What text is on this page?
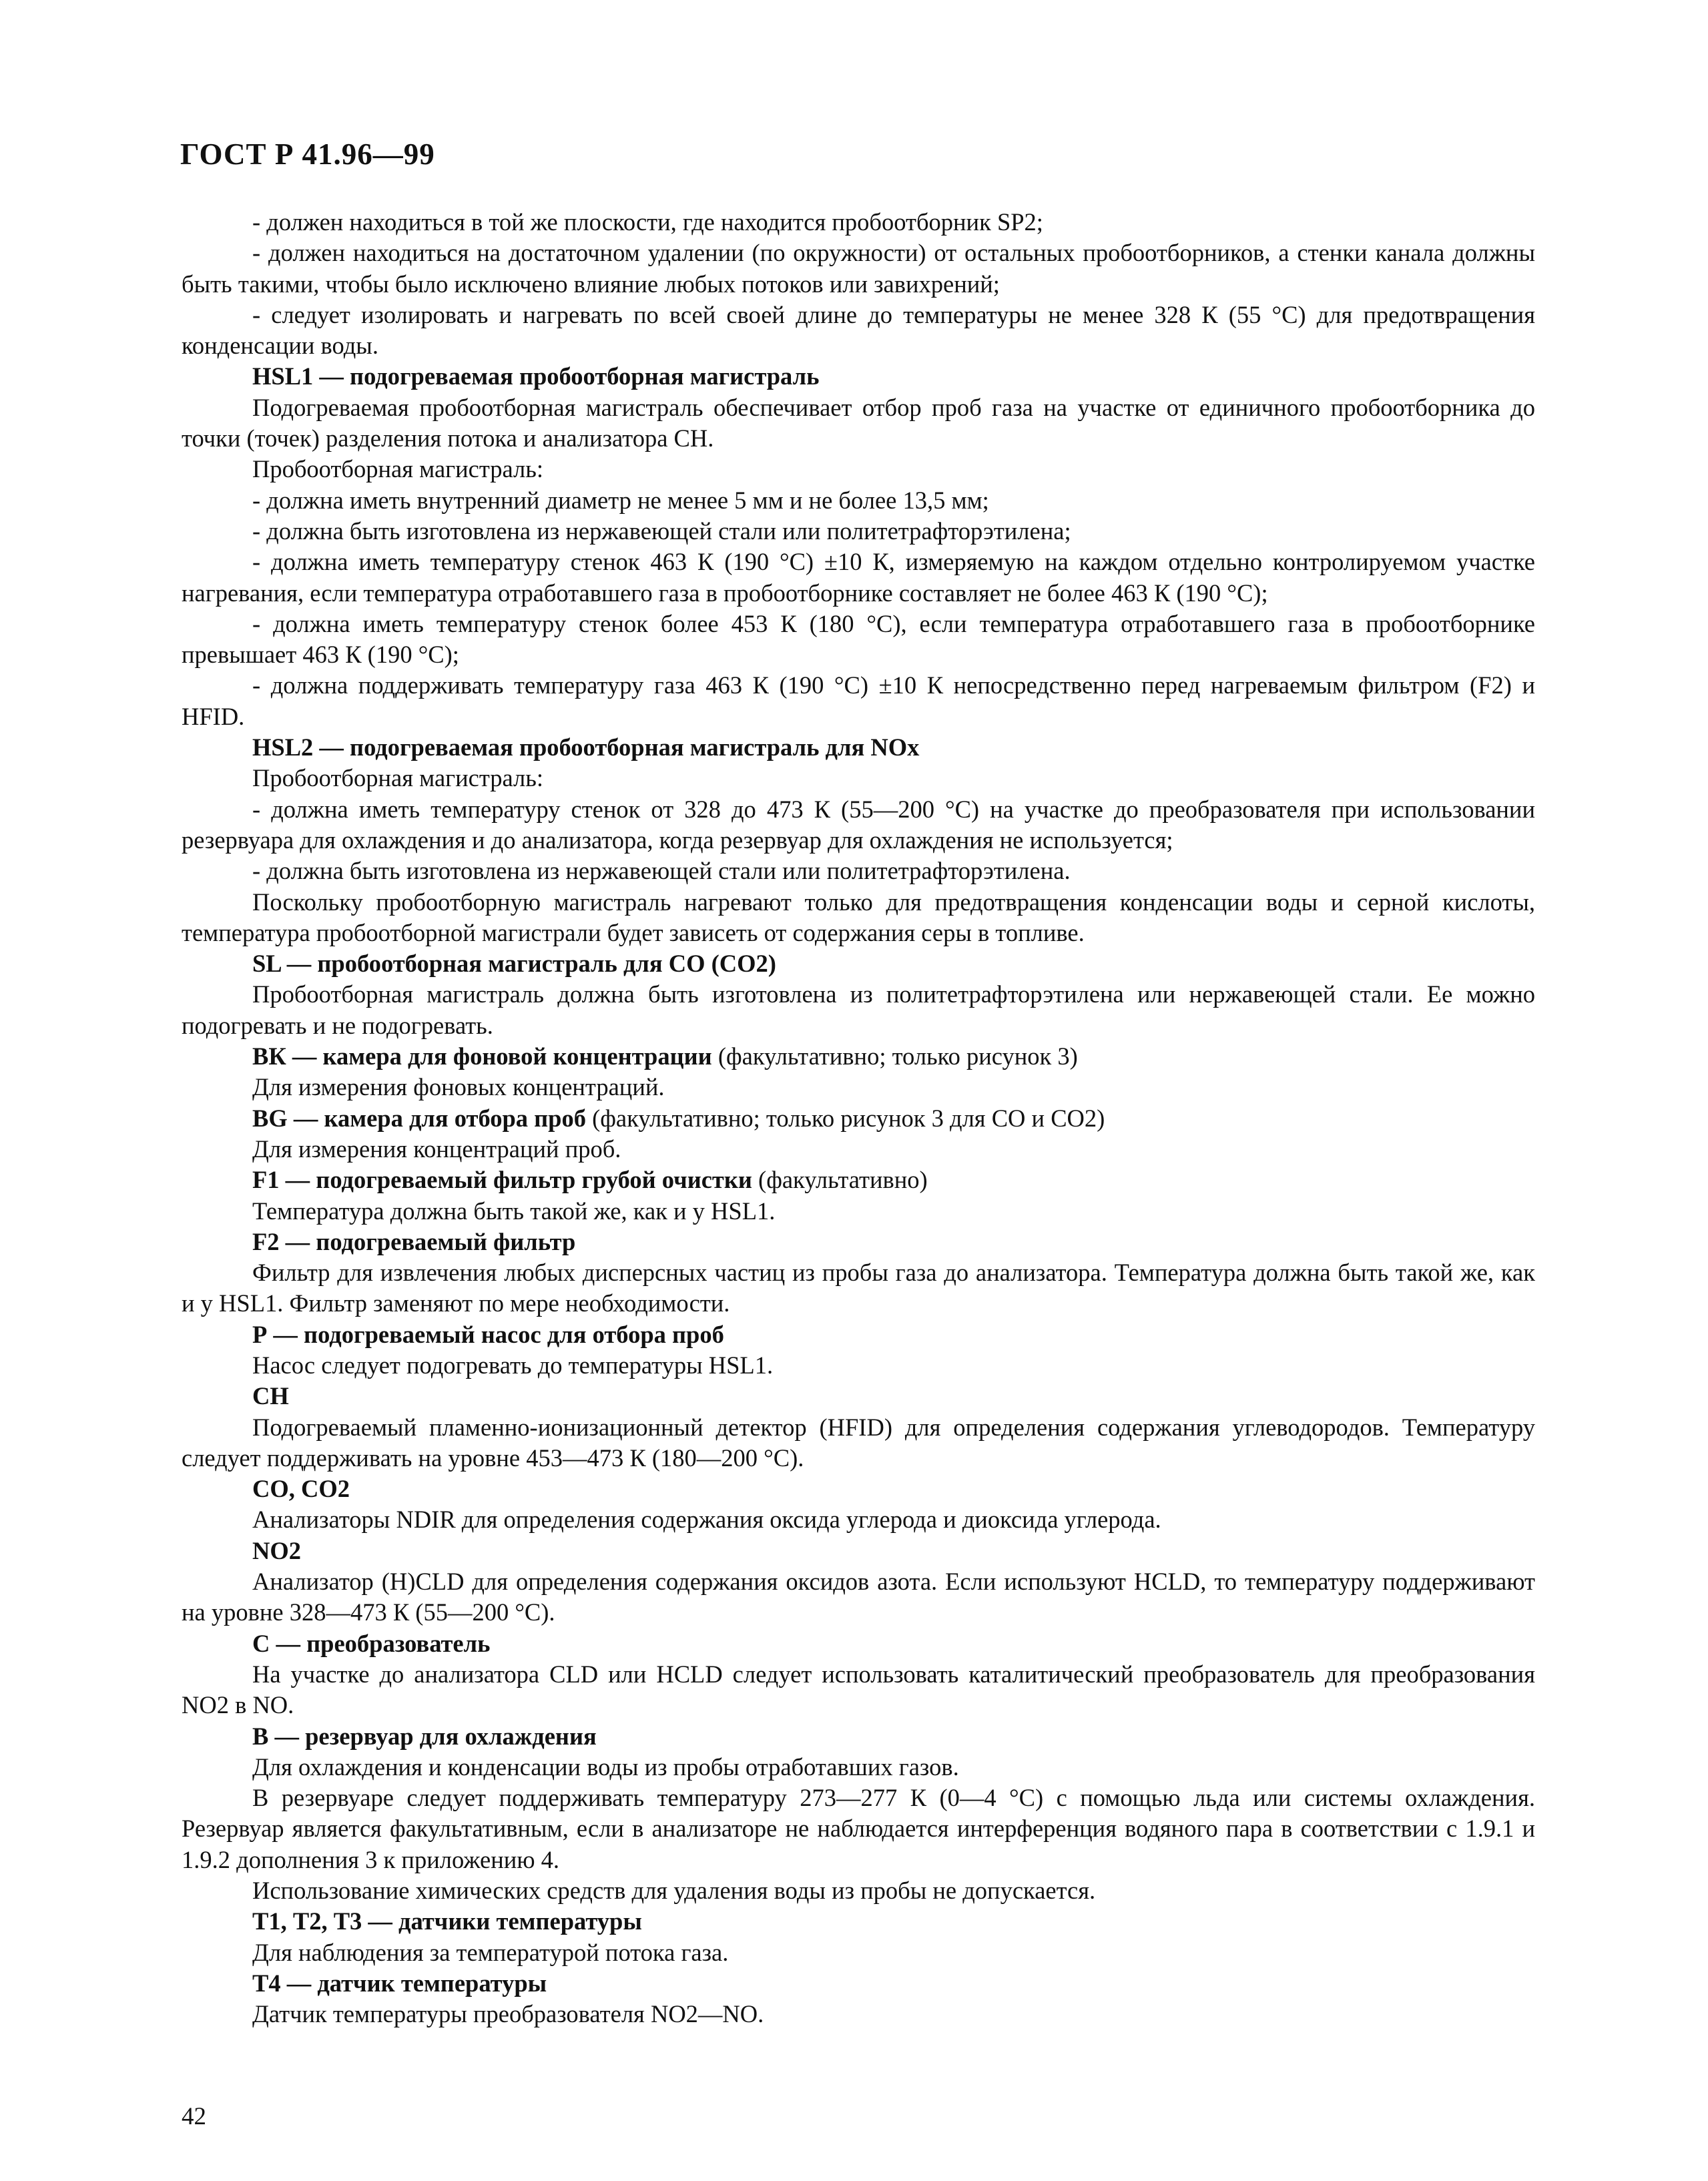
ГОСТ Р 41.96—99

- должен находиться в той же плоскости, где находится пробоотборник SP2;

- должен находиться на достаточном удалении (по окружности) от остальных пробоотборников, а стенки канала должны быть такими, чтобы было исключено влияние любых потоков или завихрений;

- следует изолировать и нагревать по всей своей длине до температуры не менее 328 К (55 °С) для предотвращения конденсации воды.

HSL1 — подогреваемая пробоотборная магистраль

Подогреваемая пробоотборная магистраль обеспечивает отбор проб газа на участке от единичного пробоотборника до точки (точек) разделения потока и анализатора СН.

Пробоотборная магистраль:

- должна иметь внутренний диаметр не менее 5 мм и не более 13,5 мм;

- должна быть изготовлена из нержавеющей стали или политетрафторэтилена;

- должна иметь температуру стенок 463 К (190 °С) ±10 К, измеряемую на каждом отдельно контролируемом участке нагревания, если температура отработавшего газа в пробоотборнике составляет не более 463 К (190 °С);

- должна иметь температуру стенок более 453 К (180 °С), если температура отработавшего газа в пробоотборнике превышает 463 К (190 °С);

- должна поддерживать температуру газа 463 К (190 °С) ±10 К непосредственно перед нагреваемым фильтром (F2) и HFID.

HSL2 — подогреваемая пробоотборная магистраль для NOx

Пробоотборная магистраль:

- должна иметь температуру стенок от 328 до 473 К (55—200 °С) на участке до преобразователя при использовании резервуара для охлаждения и до анализатора, когда резервуар для охлаждения не используется;

- должна быть изготовлена из нержавеющей стали или политетрафторэтилена.

Поскольку пробоотборную магистраль нагревают только для предотвращения конденсации воды и серной кислоты, температура пробоотборной магистрали будет зависеть от содержания серы в топливе.

SL — пробоотборная магистраль для СО (СО2)

Пробоотборная магистраль должна быть изготовлена из политетрафторэтилена или нержавеющей стали. Ее можно подогревать и не подогревать.

ВК — камера для фоновой концентрации (факультативно; только рисунок 3)

Для измерения фоновых концентраций.

BG — камера для отбора проб (факультативно; только рисунок 3 для СО и СО2)

Для измерения концентраций проб.

F1 — подогреваемый фильтр грубой очистки (факультативно)

Температура должна быть такой же, как и у HSL1.

F2 — подогреваемый фильтр

Фильтр для извлечения любых дисперсных частиц из пробы газа до анализатора. Температура должна быть такой же, как и у HSL1. Фильтр заменяют по мере необходимости.

Р — подогреваемый насос для отбора проб

Насос следует подогревать до температуры HSL1.

СН

Подогреваемый пламенно-ионизационный детектор (HFID) для определения содержания углеводородов. Температуру следует поддерживать на уровне 453—473 К (180—200 °С).

СО, СО2

Анализаторы NDIR для определения содержания оксида углерода и диоксида углерода.

NO2

Анализатор (H)CLD для определения содержания оксидов азота. Если используют HCLD, то температуру поддерживают на уровне 328—473 К (55—200 °С).

С — преобразователь

На участке до анализатора CLD или HCLD следует использовать каталитический преобразователь для преобразования NO2 в NO.

В — резервуар для охлаждения

Для охлаждения и конденсации воды из пробы отработавших газов.

В резервуаре следует поддерживать температуру 273—277 К (0—4 °С) с помощью льда или системы охлаждения. Резервуар является факультативным, если в анализаторе не наблюдается интерференция водяного пара в соответствии с 1.9.1 и 1.9.2 дополнения 3 к приложению 4.

Использование химических средств для удаления воды из пробы не допускается.

Т1, Т2, Т3 — датчики температуры

Для наблюдения за температурой потока газа.

Т4 — датчик температуры

Датчик температуры преобразователя NO2—NO.

42
